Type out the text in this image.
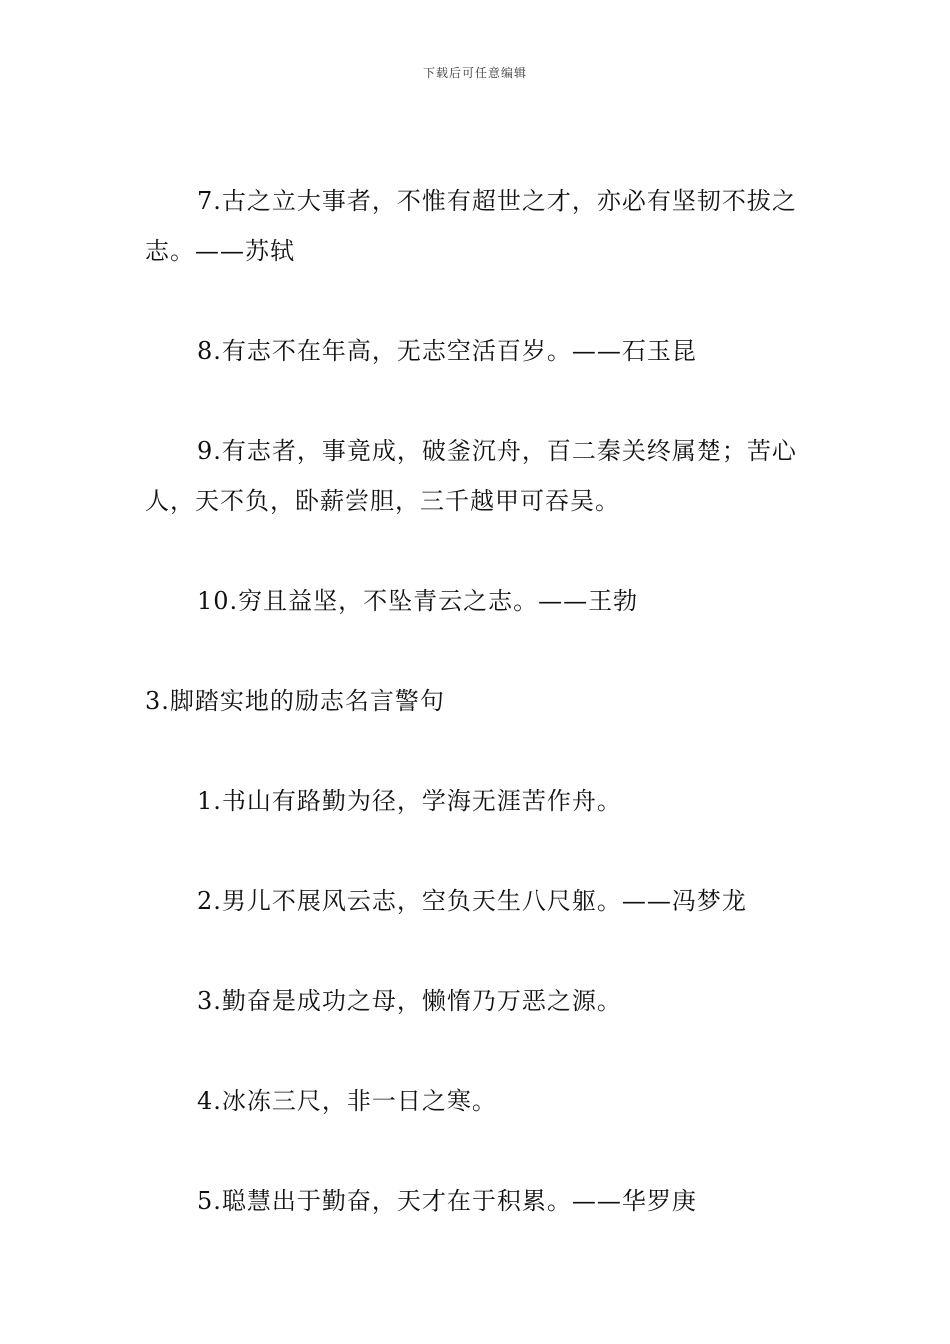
下载后可任意编辑

7.古之立大事者，不惟有超世之才，亦必有坚韧不拔之志。——苏轼

8.有志不在年高，无志空活百岁。——石玉昆

9.有志者，事竟成，破釜沉舟，百二秦关终属楚；苦心人，天不负，卧薪尝胆，三千越甲可吞吴。

10.穷且益坚，不坠青云之志。——王勃

3.脚踏实地的励志名言警句

1.书山有路勤为径，学海无涯苦作舟。

2.男儿不展风云志，空负天生八尺躯。——冯梦龙

3.勤奋是成功之母，懒惰乃万恶之源。

4.冰冻三尺，非一日之寒。

5.聪慧出于勤奋，天才在于积累。——华罗庚
